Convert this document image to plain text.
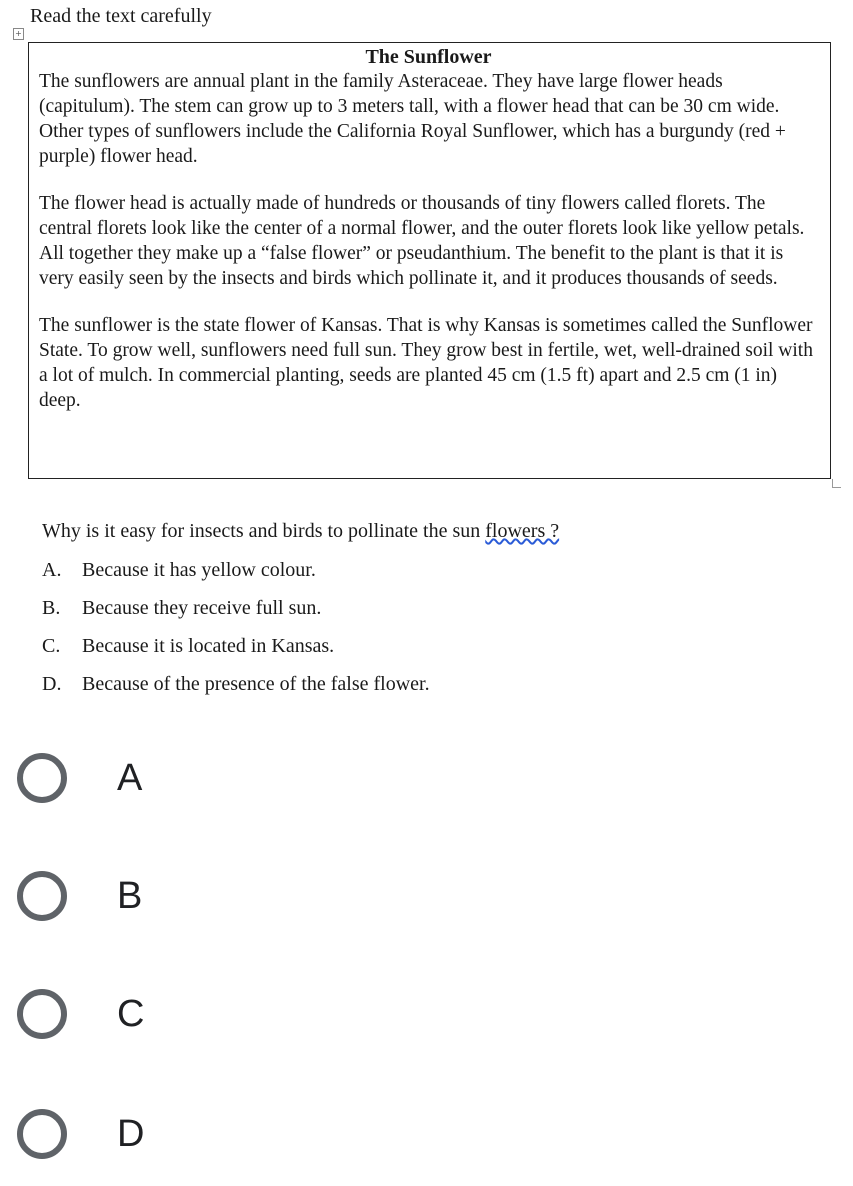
Read the text carefully
+
The Sunflower

The sunflowers are annual plant in the family Asteraceae. They have large flower heads (capitulum). The stem can grow up to 3 meters tall, with a flower head that can be 30 cm wide. Other types of sunflowers include the California Royal Sunflower, which has a burgundy (red + purple) flower head.

The flower head is actually made of hundreds or thousands of tiny flowers called florets. The central florets look like the center of a normal flower, and the outer florets look like yellow petals. All together they make up a “false flower” or pseudanthium. The benefit to the plant is that it is very easily seen by the insects and birds which pollinate it, and it produces thousands of seeds.

The sunflower is the state flower of Kansas. That is why Kansas is sometimes called the Sunflower State. To grow well, sunflowers need full sun. They grow best in fertile, wet, well-drained soil with a lot of mulch. In commercial planting, seeds are planted 45 cm (1.5 ft) apart and 2.5 cm (1 in) deep.

Why is it easy for insects and birds to pollinate the sun flowers ?
A. Because it has yellow colour.
B. Because they receive full sun.
C. Because it is located in Kansas.
D. Because of the presence of the false flower.
A
B
C
D
